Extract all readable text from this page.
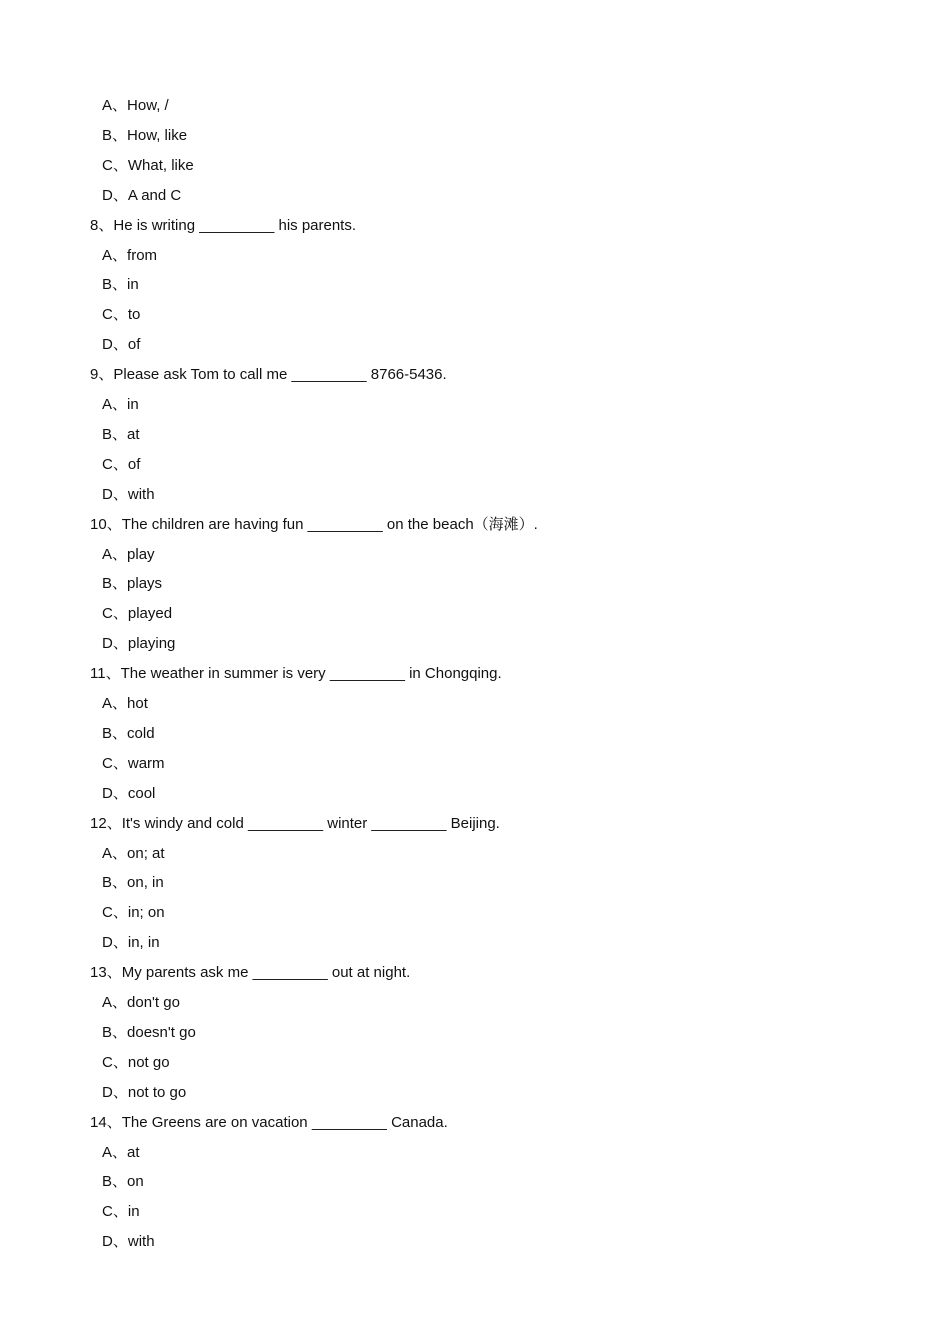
A、How, /
B、How, like
C、What, like
D、A and C
8、He is writing _________ his parents.
A、from
B、in
C、to
D、of
9、Please ask Tom to call me _________ 8766-5436.
A、in
B、at
C、of
D、with
10、The children are having fun _________ on the beach（海滩）.
A、play
B、plays
C、played
D、playing
11、The weather in summer is very _________ in Chongqing.
A、hot
B、cold
C、warm
D、cool
12、It's windy and cold _________ winter _________ Beijing.
A、on; at
B、on, in
C、in; on
D、in, in
13、My parents ask me _________ out at night.
A、don't go
B、doesn't go
C、not go
D、not to go
14、The Greens are on vacation _________ Canada.
A、at
B、on
C、in
D、with
